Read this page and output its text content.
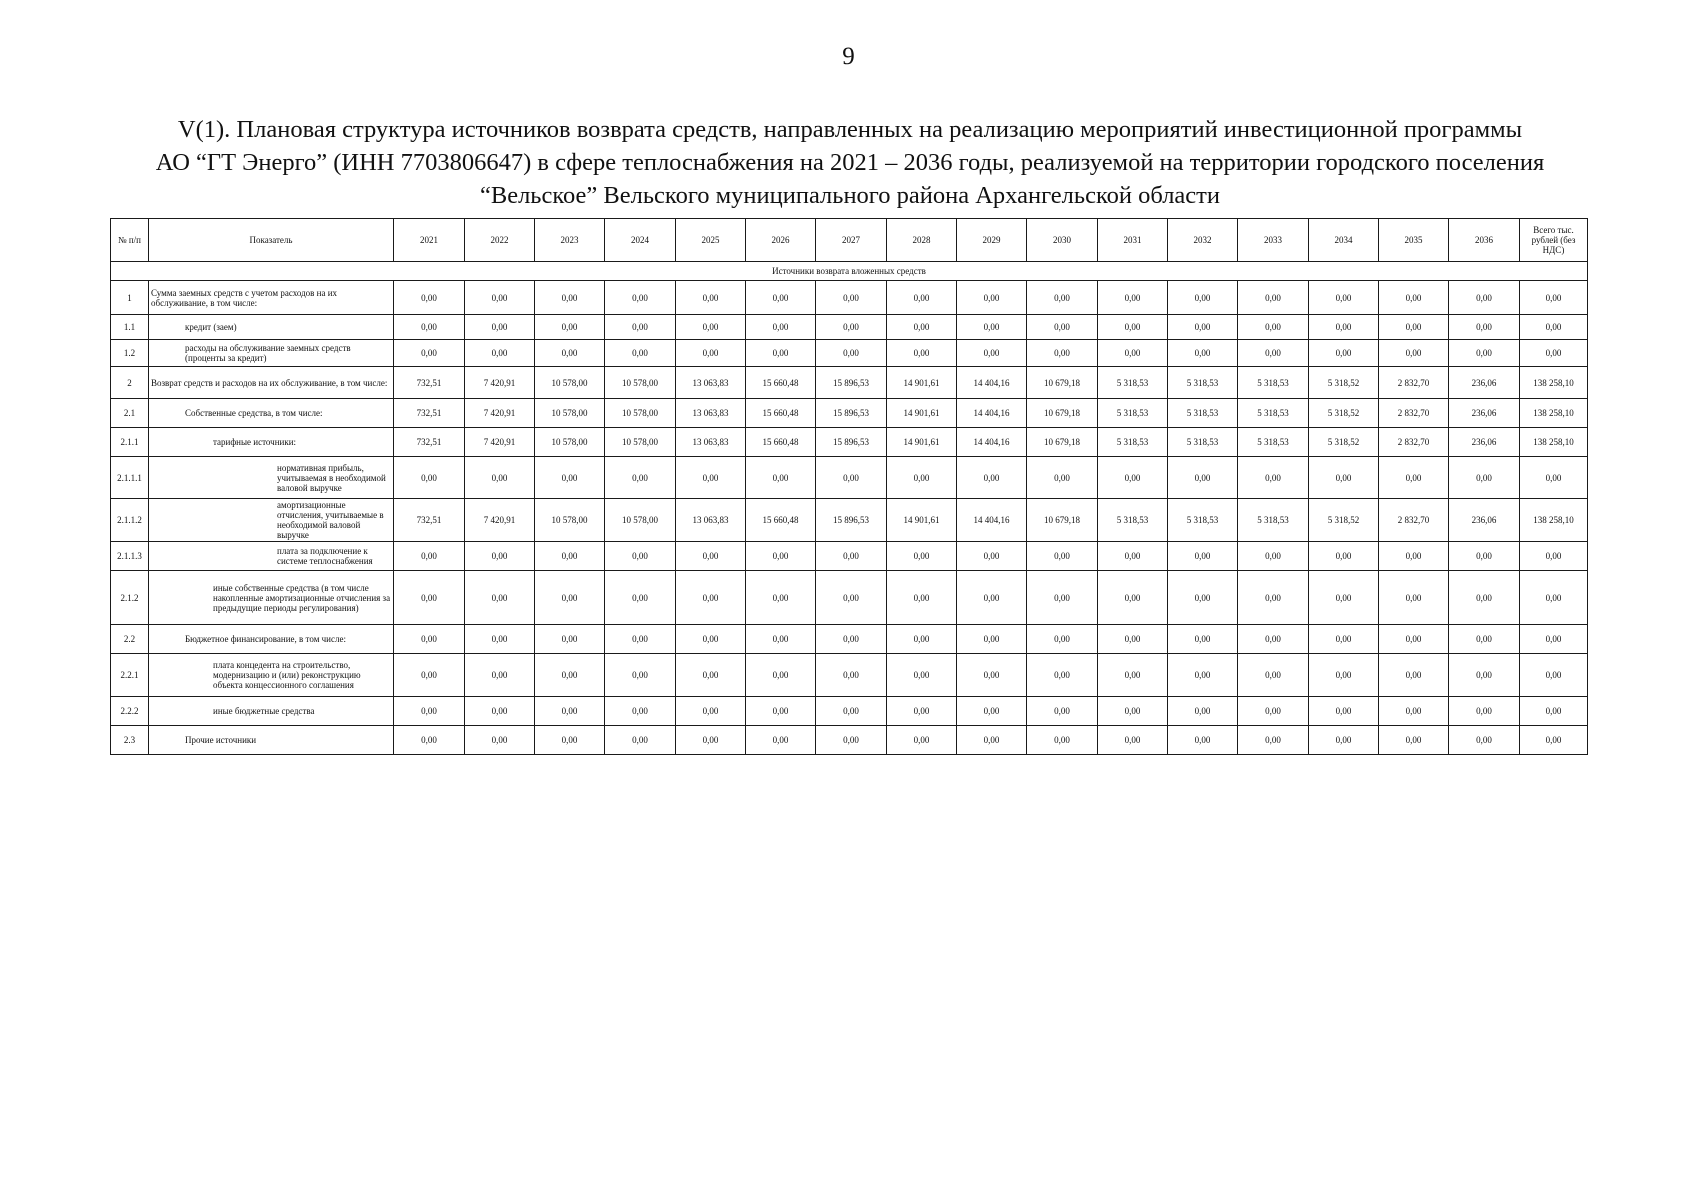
9
V(1). Плановая структура источников возврата средств, направленных на реализацию мероприятий инвестиционной программы
АО “ГТ Энерго” (ИНН 7703806647) в сфере теплоснабжения на 2021 – 2036 годы, реализуемой на территории городского поселения
“Вельское” Вельского муниципального района Архангельской области
№ п/п	Показатель	2021	2022	2023	2024	2025	2026	2027	2028	2029	2030	2031	2032	2033	2034	2035	2036	Всего тыс. рублей (без НДС)
Источники возврата вложенных средств																		
1	Сумма заемных средств с учетом расходов на их обслуживание, в том числе:	0,00	0,00	0,00	0,00	0,00	0,00	0,00	0,00	0,00	0,00	0,00	0,00	0,00	0,00	0,00	0,00	0,00
1.1	кредит (заем)	0,00	0,00	0,00	0,00	0,00	0,00	0,00	0,00	0,00	0,00	0,00	0,00	0,00	0,00	0,00	0,00	0,00
1.2	расходы на обслуживание заемных средств (проценты за кредит)	0,00	0,00	0,00	0,00	0,00	0,00	0,00	0,00	0,00	0,00	0,00	0,00	0,00	0,00	0,00	0,00	0,00
2	Возврат средств и расходов на их обслуживание, в том числе:	732,51	7 420,91	10 578,00	10 578,00	13 063,83	15 660,48	15 896,53	14 901,61	14 404,16	10 679,18	5 318,53	5 318,53	5 318,53	5 318,52	2 832,70	236,06	138 258,10
2.1	Собственные средства, в том числе:	732,51	7 420,91	10 578,00	10 578,00	13 063,83	15 660,48	15 896,53	14 901,61	14 404,16	10 679,18	5 318,53	5 318,53	5 318,53	5 318,52	2 832,70	236,06	138 258,10
2.1.1	тарифные источники:	732,51	7 420,91	10 578,00	10 578,00	13 063,83	15 660,48	15 896,53	14 901,61	14 404,16	10 679,18	5 318,53	5 318,53	5 318,53	5 318,52	2 832,70	236,06	138 258,10
2.1.1.1	нормативная прибыль, учитываемая в необходимой валовой выручке	0,00	0,00	0,00	0,00	0,00	0,00	0,00	0,00	0,00	0,00	0,00	0,00	0,00	0,00	0,00	0,00	0,00
2.1.1.2	амортизационные отчисления, учитываемые в необходимой валовой выручке	732,51	7 420,91	10 578,00	10 578,00	13 063,83	15 660,48	15 896,53	14 901,61	14 404,16	10 679,18	5 318,53	5 318,53	5 318,53	5 318,52	2 832,70	236,06	138 258,10
2.1.1.3	плата за подключение к системе теплоснабжения	0,00	0,00	0,00	0,00	0,00	0,00	0,00	0,00	0,00	0,00	0,00	0,00	0,00	0,00	0,00	0,00	0,00
2.1.2	иные собственные средства (в том числе накопленные амортизационные отчисления за предыдущие периоды регулирования)	0,00	0,00	0,00	0,00	0,00	0,00	0,00	0,00	0,00	0,00	0,00	0,00	0,00	0,00	0,00	0,00	0,00
2.2	Бюджетное финансирование, в том числе:	0,00	0,00	0,00	0,00	0,00	0,00	0,00	0,00	0,00	0,00	0,00	0,00	0,00	0,00	0,00	0,00	0,00
2.2.1	плата концедента на строительство, модернизацию и (или) реконструкцию объекта концессионного соглашения	0,00	0,00	0,00	0,00	0,00	0,00	0,00	0,00	0,00	0,00	0,00	0,00	0,00	0,00	0,00	0,00	0,00
2.2.2	иные бюджетные средства	0,00	0,00	0,00	0,00	0,00	0,00	0,00	0,00	0,00	0,00	0,00	0,00	0,00	0,00	0,00	0,00	0,00
2.3	Прочие источники	0,00	0,00	0,00	0,00	0,00	0,00	0,00	0,00	0,00	0,00	0,00	0,00	0,00	0,00	0,00	0,00	0,00
